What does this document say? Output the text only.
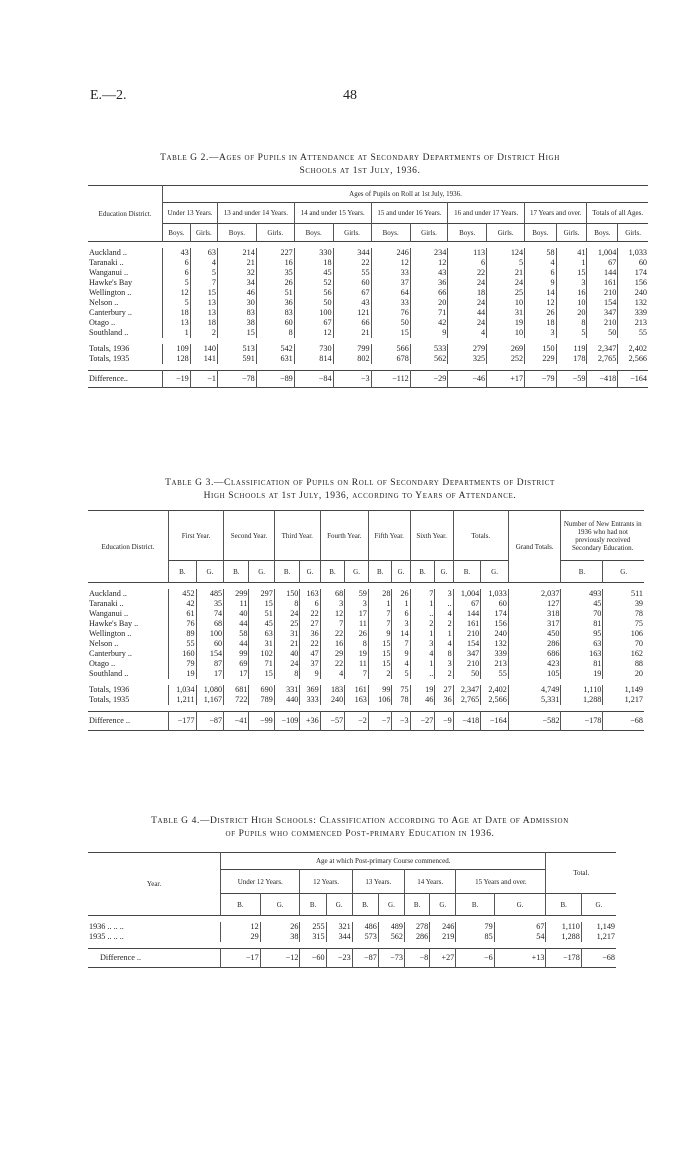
E.—2.	48
Table G 2.—Ages of Pupils in Attendance at Secondary Departments of District High
Schools at 1st July, 1936.
Education District.	Ages of Pupils on Roll at 1st July, 1936.													
	Under 13 Years.		13 and under 14 Years.		14 and under 15 Years.		15 and under 16 Years.		16 and under 17 Years.		17 Years and over.		Totals of all Ages.	
	Boys.	Girls.	Boys.	Girls.	Boys.	Girls.	Boys.	Girls.	Boys.	Girls.	Boys.	Girls.	Boys.	Girls.

Auckland ..	43	63	214	227	330	344	246	234	113	124	58	41	1,004	1,033
Taranaki ..	6	4	21	16	18	22	12	12	6	5	4	1	67	60
Wanganui ..	6	5	32	35	45	55	33	43	22	21	6	15	144	174
Hawke's Bay	5	7	34	26	52	60	37	36	24	24	9	3	161	156
Wellington ..	12	15	46	51	56	67	64	66	18	25	14	16	210	240
Nelson ..	5	13	30	36	50	43	33	20	24	10	12	10	154	132
Canterbury ..	18	13	83	83	100	121	76	71	44	31	26	20	347	339
Otago ..	13	18	38	60	67	66	50	42	24	19	18	8	210	213
Southland ..	1	2	15	8	12	21	15	9	4	10	3	5	50	55

Totals, 1936	109	140	513	542	730	799	566	533	279	269	150	119	2,347	2,402
Totals, 1935	128	141	591	631	814	802	678	562	325	252	229	178	2,765	2,566

Difference..	−19	−1	−78	−89	−84	−3	−112	−29	−46	+17	−79	−59	−418	−164
Table G 3.—Classification of Pupils on Roll of Secondary Departments of District
High Schools at 1st July, 1936, according to Years of Attendance.
Education District.	First Year.		Second Year.		Third Year.		Fourth Year.		Fifth Year.		Sixth Year.		Totals.		Grand Totals.	Number of New Entrants in 1936 who had not previously received Secondary Education.	
	B.	G.	B.	G.	B.	G.	B.	G.	B.	G.	B.	G.	B.	G.		B.	G.

Auckland ..	452	485	299	297	150	163	68	59	28	26	7	3	1,004	1,033	2,037	493	511
Taranaki ..	42	35	11	15	8	6	3	3	1	1	1	..	67	60	127	45	39
Wanganui ..	61	74	40	51	24	22	12	17	7	6	..	4	144	174	318	70	78
Hawke's Bay ..	76	68	44	45	25	27	7	11	7	3	2	2	161	156	317	81	75
Wellington ..	89	100	58	63	31	36	22	26	9	14	1	1	210	240	450	95	106
Nelson ..	55	60	44	31	21	22	16	8	15	7	3	4	154	132	286	63	70
Canterbury ..	160	154	99	102	40	47	29	19	15	9	4	8	347	339	686	163	162
Otago ..	79	87	69	71	24	37	22	11	15	4	1	3	210	213	423	81	88
Southland ..	19	17	17	15	8	9	4	7	2	5	..	2	50	55	105	19	20

Totals, 1936	1,034	1,080	681	690	331	369	183	161	99	75	19	27	2,347	2,402	4,749	1,110	1,149
Totals, 1935	1,211	1,167	722	789	440	333	240	163	106	78	46	36	2,765	2,566	5,331	1,288	1,217

Difference ..	−177	−87	−41	−99	−109	+36	−57	−2	−7	−3	−27	−9	−418	−164	−582	−178	−68
Table G 4.—District High Schools: Classification according to Age at Date of Admission
of Pupils who commenced Post-primary Education in 1936.
Year.	Age at which Post-primary Course commenced.										Total.	
	Under 12 Years.		12 Years.		13 Years.		14 Years.		15 Years and over.			
	B.	G.	B.	G.	B.	G.	B.	G.	B.	G.	B.	G.

1936 .. .. ..	12	26	255	321	486	489	278	246	79	67	1,110	1,149
1935 .. .. ..	29	38	315	344	573	562	286	219	85	54	1,288	1,217

Difference ..	−17	−12	−60	−23	−87	−73	−8	+27	−6	+13	−178	−68
